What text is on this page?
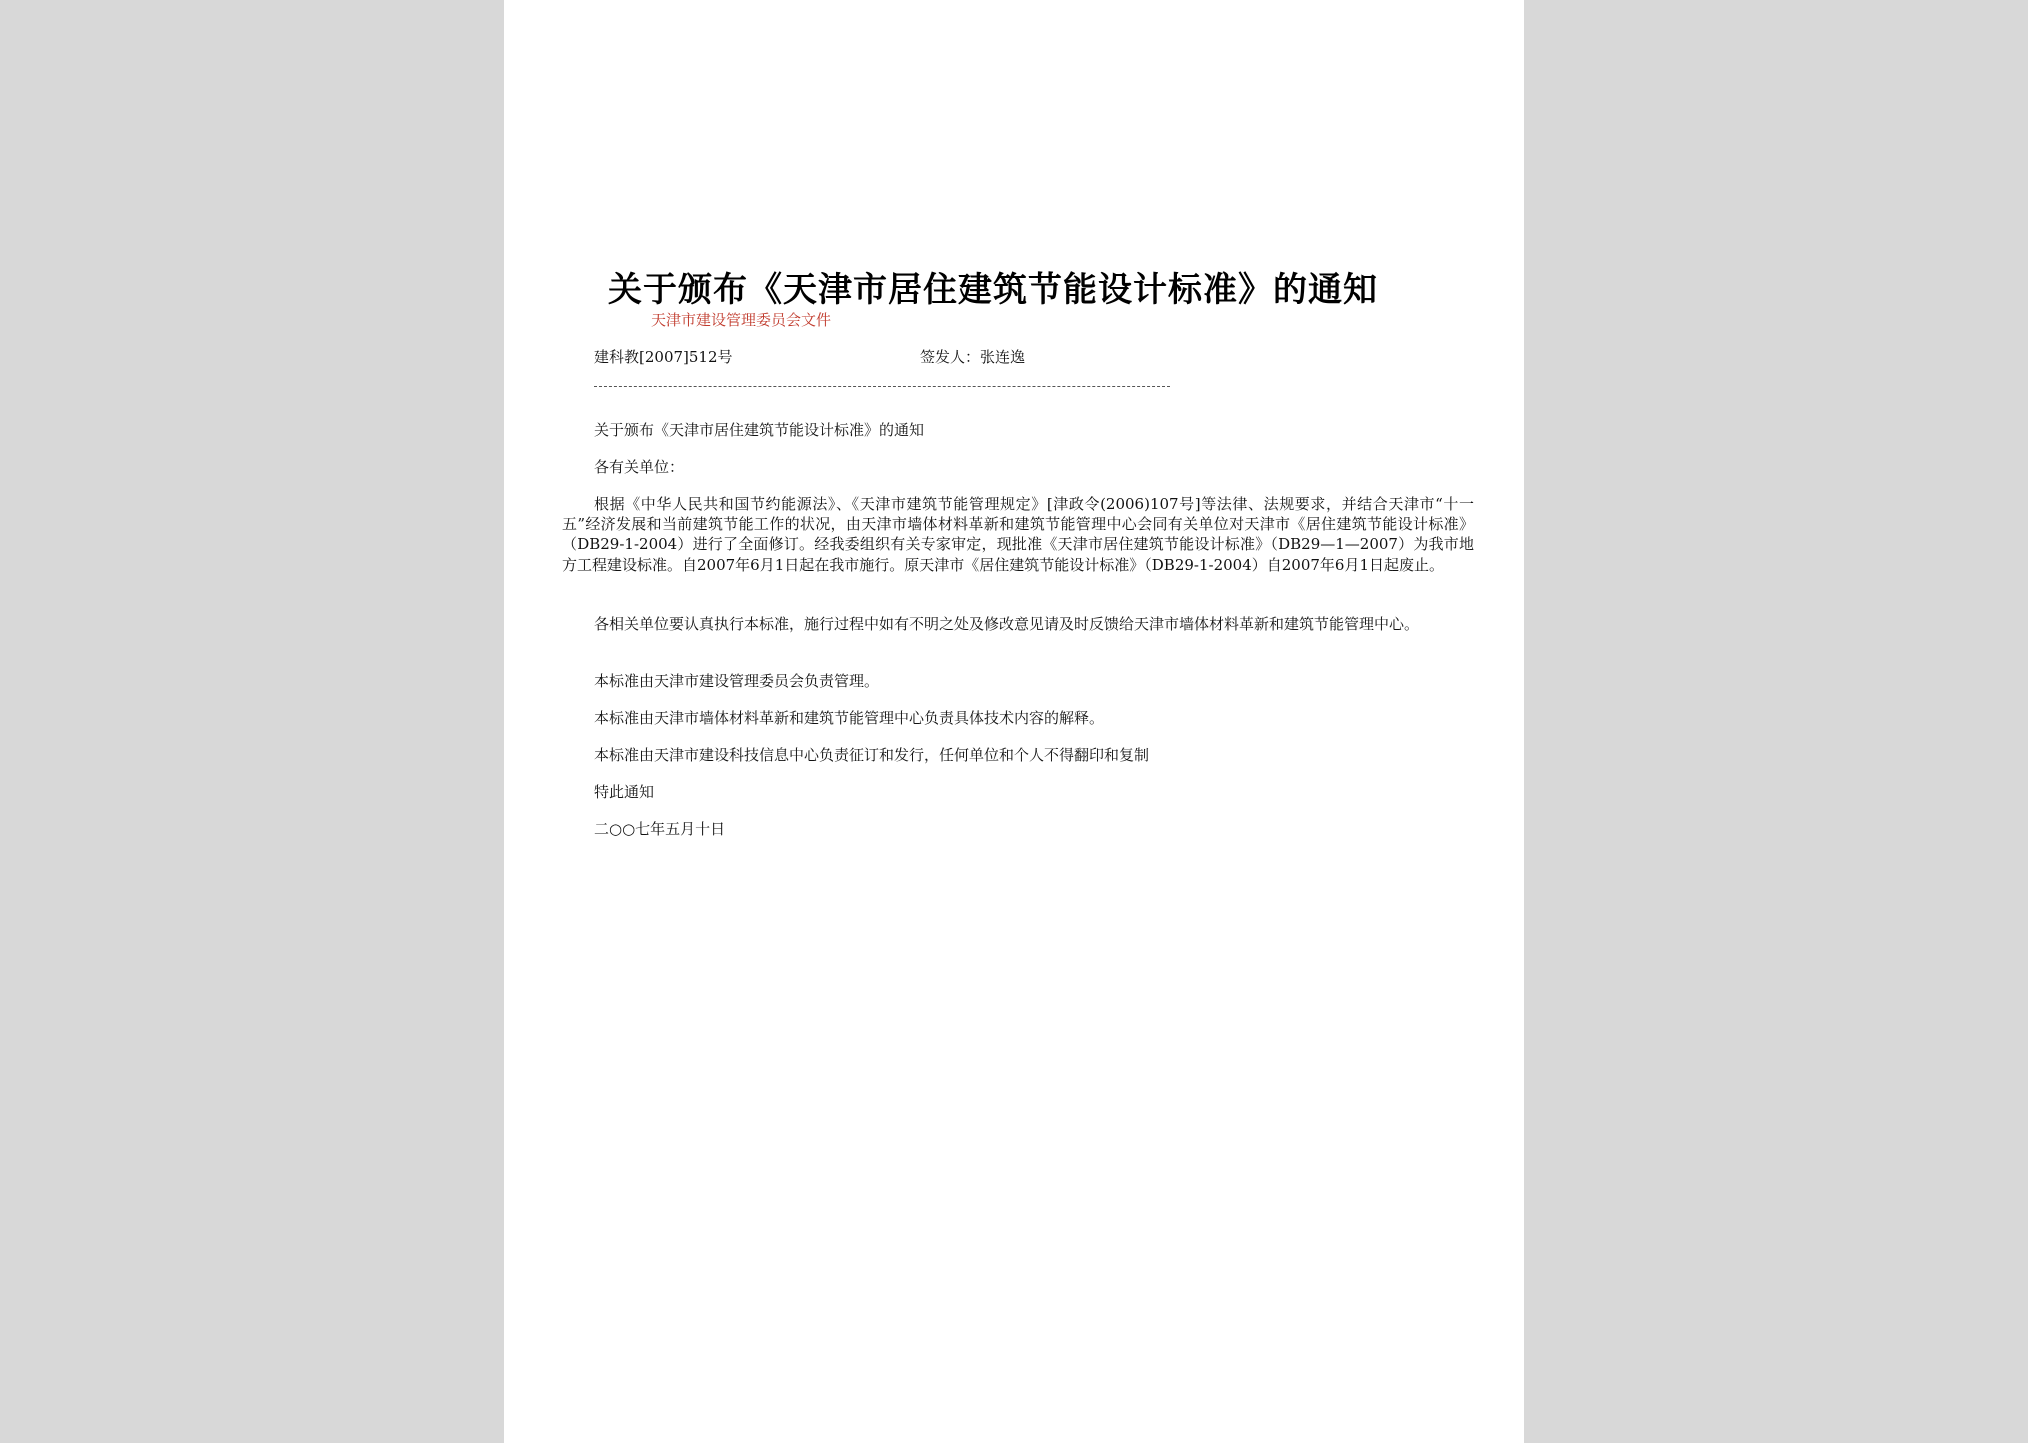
关于颁布《天津市居住建筑节能设计标准》的通知
天津市建设管理委员会文件
建科教[2007]512号	签发人：张连逸
关于颁布《天津市居住建筑节能设计标准》的通知
各有关单位：
根据《中华人民共和国节约能源法》、《天津市建筑节能管理规定》[津政令(2006)107号]等法律、法规要求，并结合天津市“十一五”经济发展和当前建筑节能工作的状况，由天津市墙体材料革新和建筑节能管理中心会同有关单位对天津市《居住建筑节能设计标准》（DB29-1-2004）进行了全面修订。经我委组织有关专家审定，现批准《天津市居住建筑节能设计标准》（DB29—1—2007）为我市地方工程建设标准。自2007年6月1日起在我市施行。原天津市《居住建筑节能设计标准》（DB29-1-2004）自2007年6月1日起废止。
各相关单位要认真执行本标准，施行过程中如有不明之处及修改意见请及时反馈给天津市墙体材料革新和建筑节能管理中心。
本标准由天津市建设管理委员会负责管理。
本标准由天津市墙体材料革新和建筑节能管理中心负责具体技术内容的解释。
本标准由天津市建设科技信息中心负责征订和发行，任何单位和个人不得翻印和复制
特此通知
二○○七年五月十日
